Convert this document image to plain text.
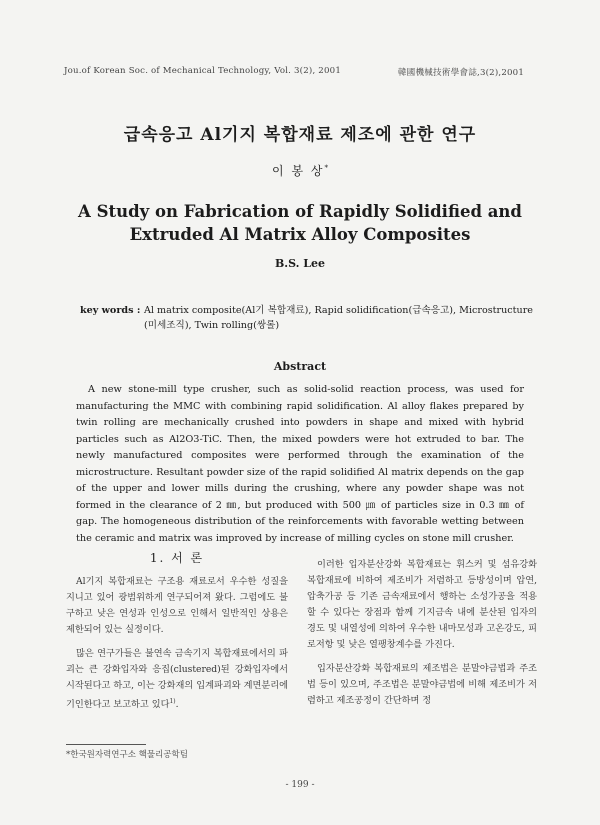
Jou.of Korean Soc. of Mechanical Technology, Vol. 3(2), 2001	韓國機械技術學會誌,3(2),2001
급속응고 Al기지 복합재료 제조에 관한 연구
이 봉 상*
A Study on Fabrication of Rapidly Solidified and
Extruded Al Matrix Alloy Composites
B.S. Lee
key words : Al matrix composite(Al기 복합재료), Rapid solidification(급속응고), Microstructure
(미세조직), Twin rolling(쌍롤)
Abstract
A new stone-mill type crusher, such as solid-solid reaction process, was used for
manufacturing the MMC with combining rapid solidification. Al alloy flakes prepared by
twin rolling are mechanically crushed into powders in shape and mixed with hybrid
particles such as Al2O3-TiC. Then, the mixed powders were hot extruded to bar. The
newly manufactured composites were performed through the examination of the
microstructure. Resultant powder size of the rapid solidified Al matrix depends on the gap
of the upper and lower mills during the crushing, where any powder shape was not
formed in the clearance of 2 ㎜, but produced with 500 ㎛ of particles size in 0.3 ㎜ of
gap. The homogeneous distribution of the reinforcements with favorable wetting between
the ceramic and matrix was improved by increase of milling cycles on stone mill crusher.
1. 서 론

Al기지 복합재료는 구조용 재료로서 우수한 성질을 지니고 있어 광범위하게 연구되어져 왔다. 그럼에도 불구하고 낮은 연성과 인성으로 인해서 일반적인 상용은 제한되어 있는 실정이다.

많은 연구가들은 불연속 금속기지 복합재료에서의 파괴는 큰 강화입자와 응집(clustered)된 강화입자에서 시작된다고 하고, 이는 강화재의 입계파괴와 계면분리에 기인한다고 보고하고 있다$^{1)}$.

이러한 입자분산강화 복합재료는 휘스커 및 섬유강화 복합재료에 비하여 제조비가 저렴하고 등방성이며 압연, 압축가공 등 기존 금속재료에서 행하는 소성가공을 적용할 수 있다는 장점과 함께 기지금속 내에 분산된 입자의 경도 및 내열성에 의하여 우수한 내마모성과 고온강도, 피로저항 및 낮은 열팽창계수를 가진다.

입자분산강화 복합재료의 제조법은 분말야금법과 주조법 등이 있으며, 주조법은 분말야금법에 비해 제조비가 저렴하고 제조공정이 간단하며 정

*한국원자력연구소 핵물리공학팀
- 199 -
